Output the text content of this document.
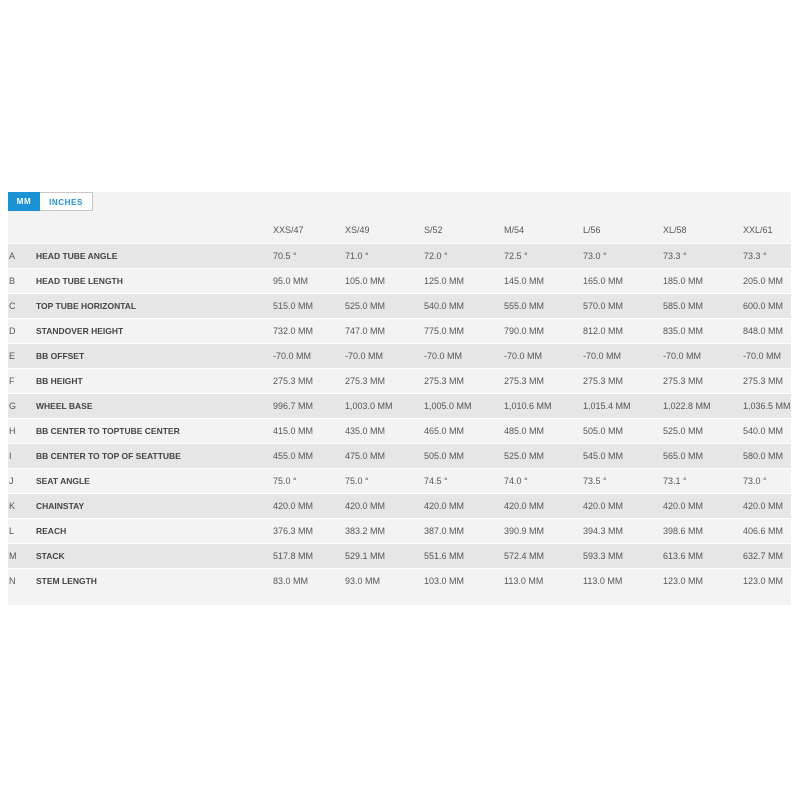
MM	INCHES
XXS/47	XS/49	S/52	M/54	L/56	XL/58	XXL/61
A HEAD TUBE ANGLE	70.5 °	71.0 °	72.0 °	72.5 °	73.0 °	73.3 °	73.3 °
B HEAD TUBE LENGTH	95.0 MM	105.0 MM	125.0 MM	145.0 MM	165.0 MM	185.0 MM	205.0 MM
C TOP TUBE HORIZONTAL	515.0 MM	525.0 MM	540.0 MM	555.0 MM	570.0 MM	585.0 MM	600.0 MM
D STANDOVER HEIGHT	732.0 MM	747.0 MM	775.0 MM	790.0 MM	812.0 MM	835.0 MM	848.0 MM
E BB OFFSET	-70.0 MM	-70.0 MM	-70.0 MM	-70.0 MM	-70.0 MM	-70.0 MM	-70.0 MM
F	BB HEIGHT	275.3 MM	275.3 MM	275.3 MM	275.3 MM	275.3 MM	275.3 MM	275.3 MM
G WHEEL BASE	996.7 MM	1,003.0 MM	1,005.0 MM	1,010.6 MM	1,015.4 MM	1,022.8 MM	1,036.5 MM
H BB CENTER TO TOPTUBE CENTER	415.0 MM	435.0 MM	465.0 MM	485.0 MM	505.0 MM	525.0 MM	540.0 MM
I	BB CENTER TO TOP OF SEATTUBE	455.0 MM	475.0 MM	505.0 MM	525.0 MM	545.0 MM	565.0 MM	580.0 MM
J	SEAT ANGLE	75.0 °	75.0 °	74.5 °	74.0 °	73.5 °	73.1 °	73.0 °
K CHAINSTAY	420.0 MM	420.0 MM	420.0 MM	420.0 MM	420.0 MM	420.0 MM	420.0 MM
L	REACH	376.3 MM	383.2 MM	387.0 MM	390.9 MM	394.3 MM	398.6 MM	406.6 MM
M STACK	517.8 MM	529.1 MM	551.6 MM	572.4 MM	593.3 MM	613.6 MM	632.7 MM
N STEM LENGTH	83.0 MM	93.0 MM	103.0 MM	113.0 MM	113.0 MM	123.0 MM	123.0 MM
